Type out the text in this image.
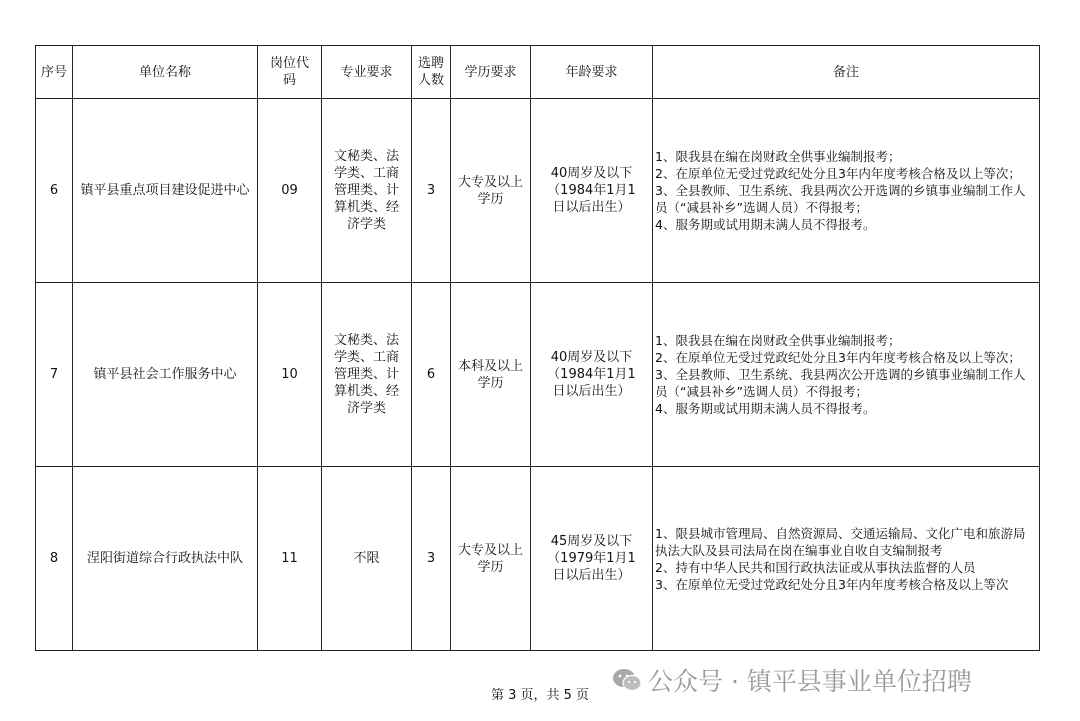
序号	单位名称	岗位代码	专业要求	选聘人数	学历要求	年龄要求	备注
6	镇平县重点项目建设促进中心	09	文秘类、法学类、工商管理类、计算机类、经济学类	3	大专及以上学历	40周岁及以下（1984年1月1日以后出生）	1、限我县在编在岗财政全供事业编制报考；
2、在原单位无受过党政纪处分且3年内年度考核合格及以上等次；
3、全县教师、卫生系统、我县两次公开选调的乡镇事业编制工作人员（“减县补乡”选调人员）不得报考；
4、服务期或试用期未满人员不得报考。

7	镇平县社会工作服务中心	10	文秘类、法学类、工商管理类、计算机类、经济学类	6	本科及以上学历	40周岁及以下（1984年1月1日以后出生）	1、限我县在编在岗财政全供事业编制报考；
2、在原单位无受过党政纪处分且3年内年度考核合格及以上等次；
3、全县教师、卫生系统、我县两次公开选调的乡镇事业编制工作人员（“减县补乡”选调人员）不得报考；
4、服务期或试用期未满人员不得报考。

8	涅阳街道综合行政执法中队	11	不限	3	大专及以上学历	45周岁及以下（1979年1月1日以后出生）	1、限县城市管理局、自然资源局、交通运输局、文化广电和旅游局执法大队及县司法局在岗在编事业自收自支编制报考
2、持有中华人民共和国行政执法证或从事执法监督的人员
3、在原单位无受过党政纪处分且3年内年度考核合格及以上等次
公众号 · 镇平县事业单位招聘
第 3 页，共 5 页
